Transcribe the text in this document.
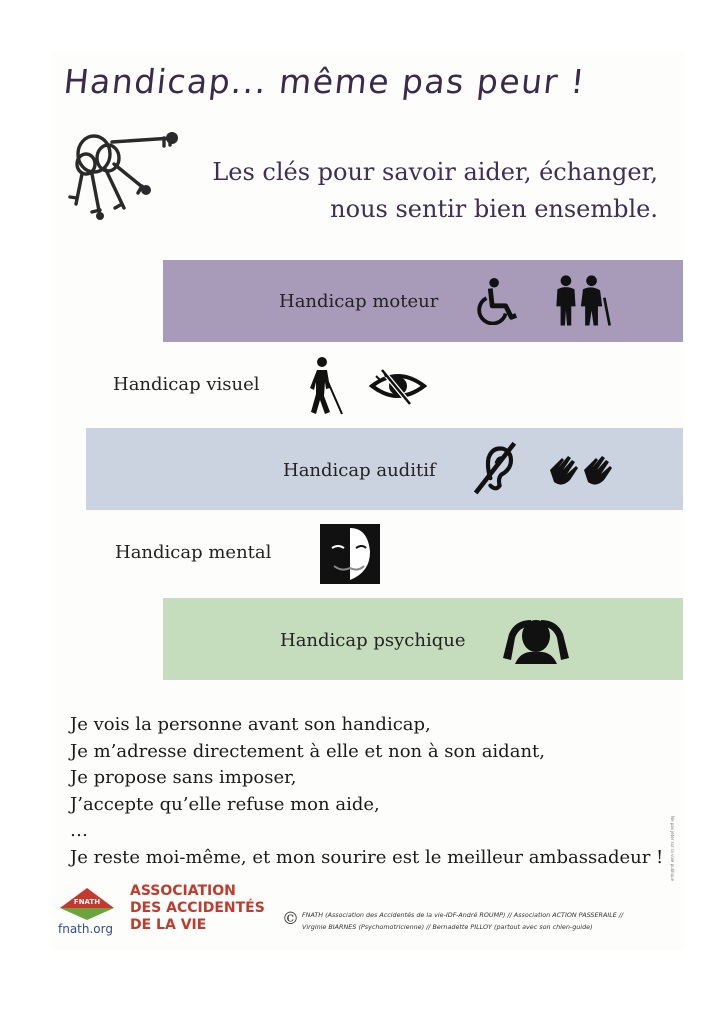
Handicap... même pas peur !

Les clés pour savoir aider, échanger,
nous sentir bien ensemble.

Handicap moteur
Handicap visuel
Handicap auditif
Handicap mental
Handicap psychique
Je vois la personne avant son handicap,
Je m’adresse directement à elle et non à son aidant,
Je propose sans imposer,
J’accepte qu’elle refuse mon aide,
…
Je reste moi-même, et mon sourire est le meilleur ambassadeur !	Ne pas jeter sur la voie publique
FNATH
fnath.org
ASSOCIATION
DES ACCIDENTÉS
DE LA VIE	© FNATH (Association des Accidentés de la vie-IDF-André ROUMP) // Association ACTION PASSERAILE //
Virginie BIARNES (Psychomotricienne) // Bernadette PILLOY (partout avec son chien-guide)
